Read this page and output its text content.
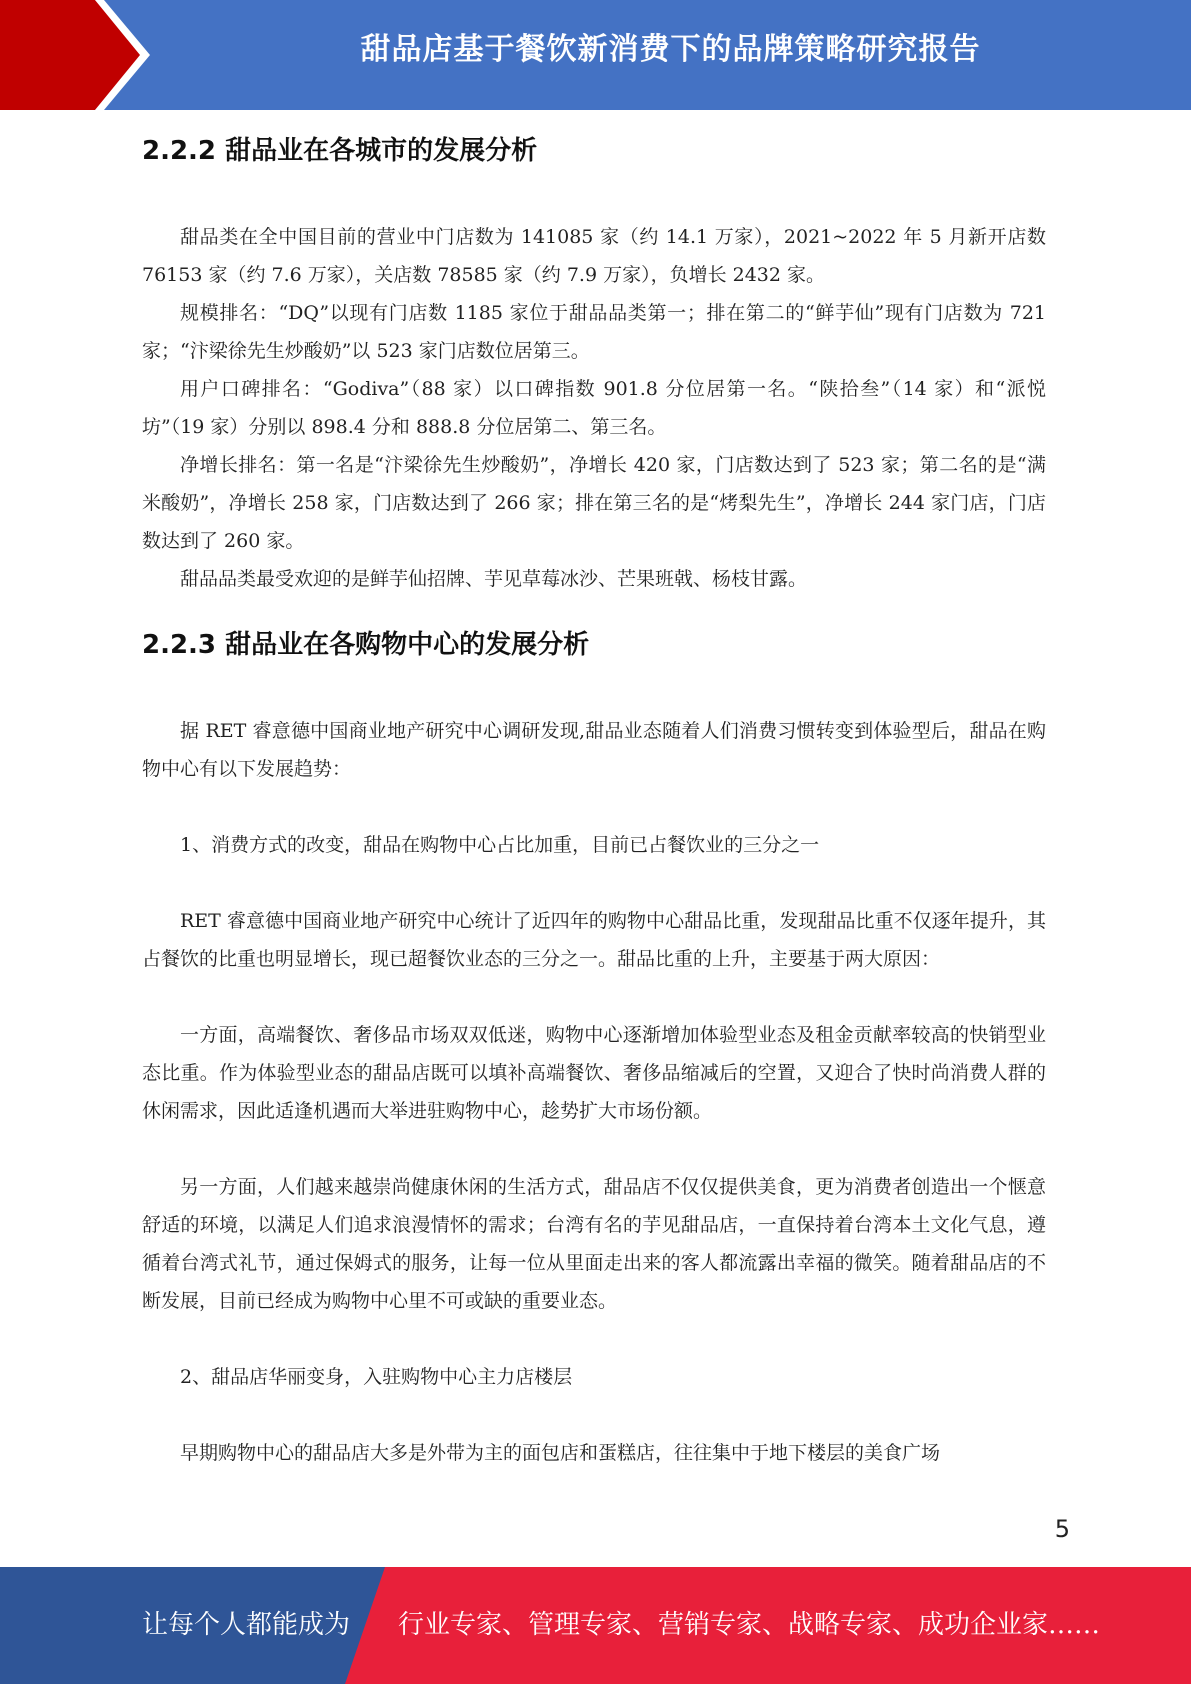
甜品店基于餐饮新消费下的品牌策略研究报告
2.2.2 甜品业在各城市的发展分析

甜品类在全中国目前的营业中门店数为 141085 家（约 14.1 万家），2021~2022 年 5 月新开店数 76153 家（约 7.6 万家），关店数 78585 家（约 7.9 万家），负增长 2432 家。

规模排名：“DQ”以现有门店数 1185 家位于甜品品类第一；排在第二的“鲜芋仙”现有门店数为 721 家；“汴梁徐先生炒酸奶”以 523 家门店数位居第三。

用户口碑排名：“Godiva”（88 家）以口碑指数 901.8 分位居第一名。“陕拾叁”（14 家）和“派悦坊”（19 家）分别以 898.4 分和 888.8 分位居第二、第三名。

净增长排名：第一名是“汴梁徐先生炒酸奶”，净增长 420 家，门店数达到了 523 家；第二名的是“满米酸奶”，净增长 258 家，门店数达到了 266 家；排在第三名的是“烤梨先生”，净增长 244 家门店，门店数达到了 260 家。

甜品品类最受欢迎的是鲜芋仙招牌、芋见草莓冰沙、芒果班戟、杨枝甘露。

2.2.3 甜品业在各购物中心的发展分析

据 RET 睿意德中国商业地产研究中心调研发现,甜品业态随着人们消费习惯转变到体验型后，甜品在购物中心有以下发展趋势：

1、消费方式的改变，甜品在购物中心占比加重，目前已占餐饮业的三分之一

RET 睿意德中国商业地产研究中心统计了近四年的购物中心甜品比重，发现甜品比重不仅逐年提升，其占餐饮的比重也明显增长，现已超餐饮业态的三分之一。甜品比重的上升，主要基于两大原因：

一方面，高端餐饮、奢侈品市场双双低迷，购物中心逐渐增加体验型业态及租金贡献率较高的快销型业态比重。作为体验型业态的甜品店既可以填补高端餐饮、奢侈品缩减后的空置，又迎合了快时尚消费人群的休闲需求，因此适逢机遇而大举进驻购物中心，趁势扩大市场份额。

另一方面，人们越来越崇尚健康休闲的生活方式，甜品店不仅仅提供美食，更为消费者创造出一个惬意舒适的环境，以满足人们追求浪漫情怀的需求；台湾有名的芋见甜品店，一直保持着台湾本土文化气息，遵循着台湾式礼节，通过保姆式的服务，让每一位从里面走出来的客人都流露出幸福的微笑。随着甜品店的不断发展，目前已经成为购物中心里不可或缺的重要业态。

2、甜品店华丽变身，入驻购物中心主力店楼层

早期购物中心的甜品店大多是外带为主的面包店和蛋糕店，往往集中于地下楼层的美食广场

5
让每个人都能成为 行业专家、管理专家、营销专家、战略专家、成功企业家……
